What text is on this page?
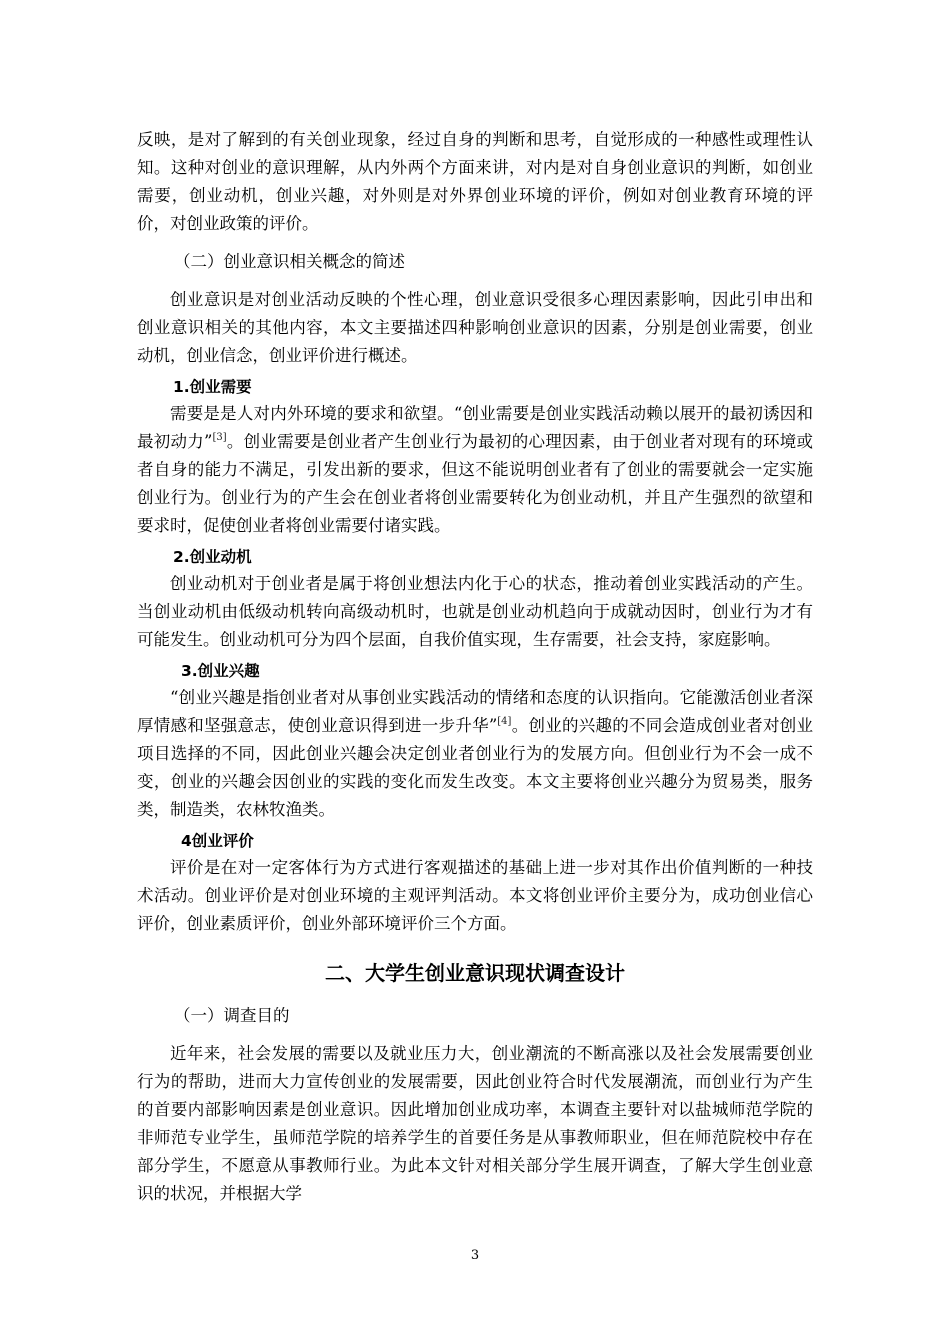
反映，是对了解到的有关创业现象，经过自身的判断和思考，自觉形成的一种感性或理性认知。这种对创业的意识理解，从内外两个方面来讲，对内是对自身创业意识的判断，如创业需要，创业动机，创业兴趣，对外则是对外界创业环境的评价，例如对创业教育环境的评价，对创业政策的评价。

（二）创业意识相关概念的简述

创业意识是对创业活动反映的个性心理，创业意识受很多心理因素影响，因此引申出和创业意识相关的其他内容，本文主要描述四种影响创业意识的因素，分别是创业需要，创业动机，创业信念，创业评价进行概述。

1.创业需要

需要是是人对内外环境的要求和欲望。“创业需要是创业实践活动赖以展开的最初诱因和最初动力”[3]。创业需要是创业者产生创业行为最初的心理因素，由于创业者对现有的环境或者自身的能力不满足，引发出新的要求，但这不能说明创业者有了创业的需要就会一定实施创业行为。创业行为的产生会在创业者将创业需要转化为创业动机，并且产生强烈的欲望和要求时，促使创业者将创业需要付诸实践。

2.创业动机

创业动机对于创业者是属于将创业想法内化于心的状态，推动着创业实践活动的产生。当创业动机由低级动机转向高级动机时，也就是创业动机趋向于成就动因时，创业行为才有可能发生。创业动机可分为四个层面，自我价值实现，生存需要，社会支持，家庭影响。

3.创业兴趣

“创业兴趣是指创业者对从事创业实践活动的情绪和态度的认识指向。它能激活创业者深厚情感和坚强意志，使创业意识得到进一步升华”[4]。创业的兴趣的不同会造成创业者对创业项目选择的不同，因此创业兴趣会决定创业者创业行为的发展方向。但创业行为不会一成不变，创业的兴趣会因创业的实践的变化而发生改变。本文主要将创业兴趣分为贸易类，服务类，制造类，农林牧渔类。

4创业评价

评价是在对一定客体行为方式进行客观描述的基础上进一步对其作出价值判断的一种技术活动。创业评价是对创业环境的主观评判活动。本文将创业评价主要分为，成功创业信心评价，创业素质评价，创业外部环境评价三个方面。

二、大学生创业意识现状调查设计
（一）调查目的

近年来，社会发展的需要以及就业压力大，创业潮流的不断高涨以及社会发展需要创业行为的帮助，进而大力宣传创业的发展需要，因此创业符合时代发展潮流，而创业行为产生的首要内部影响因素是创业意识。因此增加创业成功率，本调查主要针对以盐城师范学院的非师范专业学生，虽师范学院的培养学生的首要任务是从事教师职业，但在师范院校中存在部分学生，不愿意从事教师行业。为此本文针对相关部分学生展开调查，了解大学生创业意识的状况，并根据大学

3
